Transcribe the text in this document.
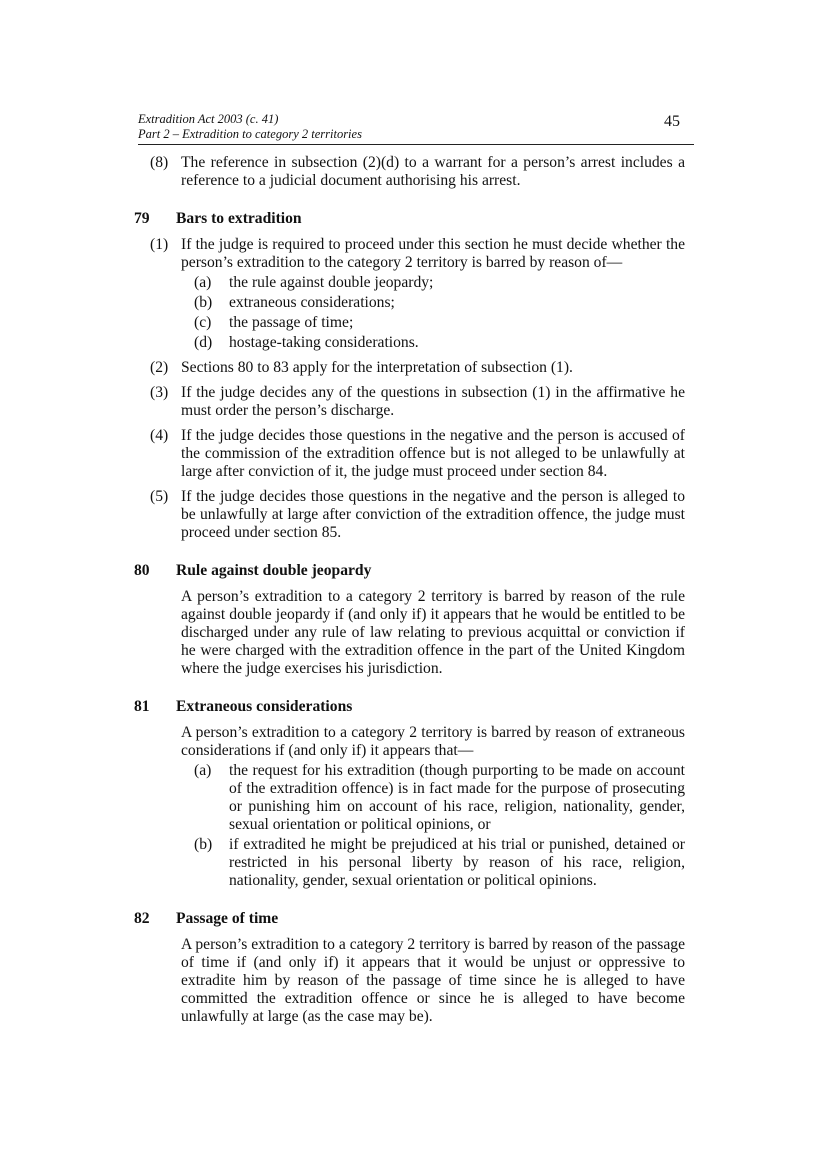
Extradition Act 2003 (c. 41)
Part 2 – Extradition to category 2 territories
45
(8) The reference in subsection (2)(d) to a warrant for a person’s arrest includes a reference to a judicial document authorising his arrest.
79 Bars to extradition
(1) If the judge is required to proceed under this section he must decide whether the person’s extradition to the category 2 territory is barred by reason of—
(a) the rule against double jeopardy;
(b) extraneous considerations;
(c) the passage of time;
(d) hostage-taking considerations.
(2) Sections 80 to 83 apply for the interpretation of subsection (1).
(3) If the judge decides any of the questions in subsection (1) in the affirmative he must order the person’s discharge.
(4) If the judge decides those questions in the negative and the person is accused of the commission of the extradition offence but is not alleged to be unlawfully at large after conviction of it, the judge must proceed under section 84.
(5) If the judge decides those questions in the negative and the person is alleged to be unlawfully at large after conviction of the extradition offence, the judge must proceed under section 85.
80 Rule against double jeopardy
A person’s extradition to a category 2 territory is barred by reason of the rule against double jeopardy if (and only if) it appears that he would be entitled to be discharged under any rule of law relating to previous acquittal or conviction if he were charged with the extradition offence in the part of the United Kingdom where the judge exercises his jurisdiction.
81 Extraneous considerations
A person’s extradition to a category 2 territory is barred by reason of extraneous considerations if (and only if) it appears that—
(a) the request for his extradition (though purporting to be made on account of the extradition offence) is in fact made for the purpose of prosecuting or punishing him on account of his race, religion, nationality, gender, sexual orientation or political opinions, or
(b) if extradited he might be prejudiced at his trial or punished, detained or restricted in his personal liberty by reason of his race, religion, nationality, gender, sexual orientation or political opinions.
82 Passage of time
A person’s extradition to a category 2 territory is barred by reason of the passage of time if (and only if) it appears that it would be unjust or oppressive to extradite him by reason of the passage of time since he is alleged to have committed the extradition offence or since he is alleged to have become unlawfully at large (as the case may be).
